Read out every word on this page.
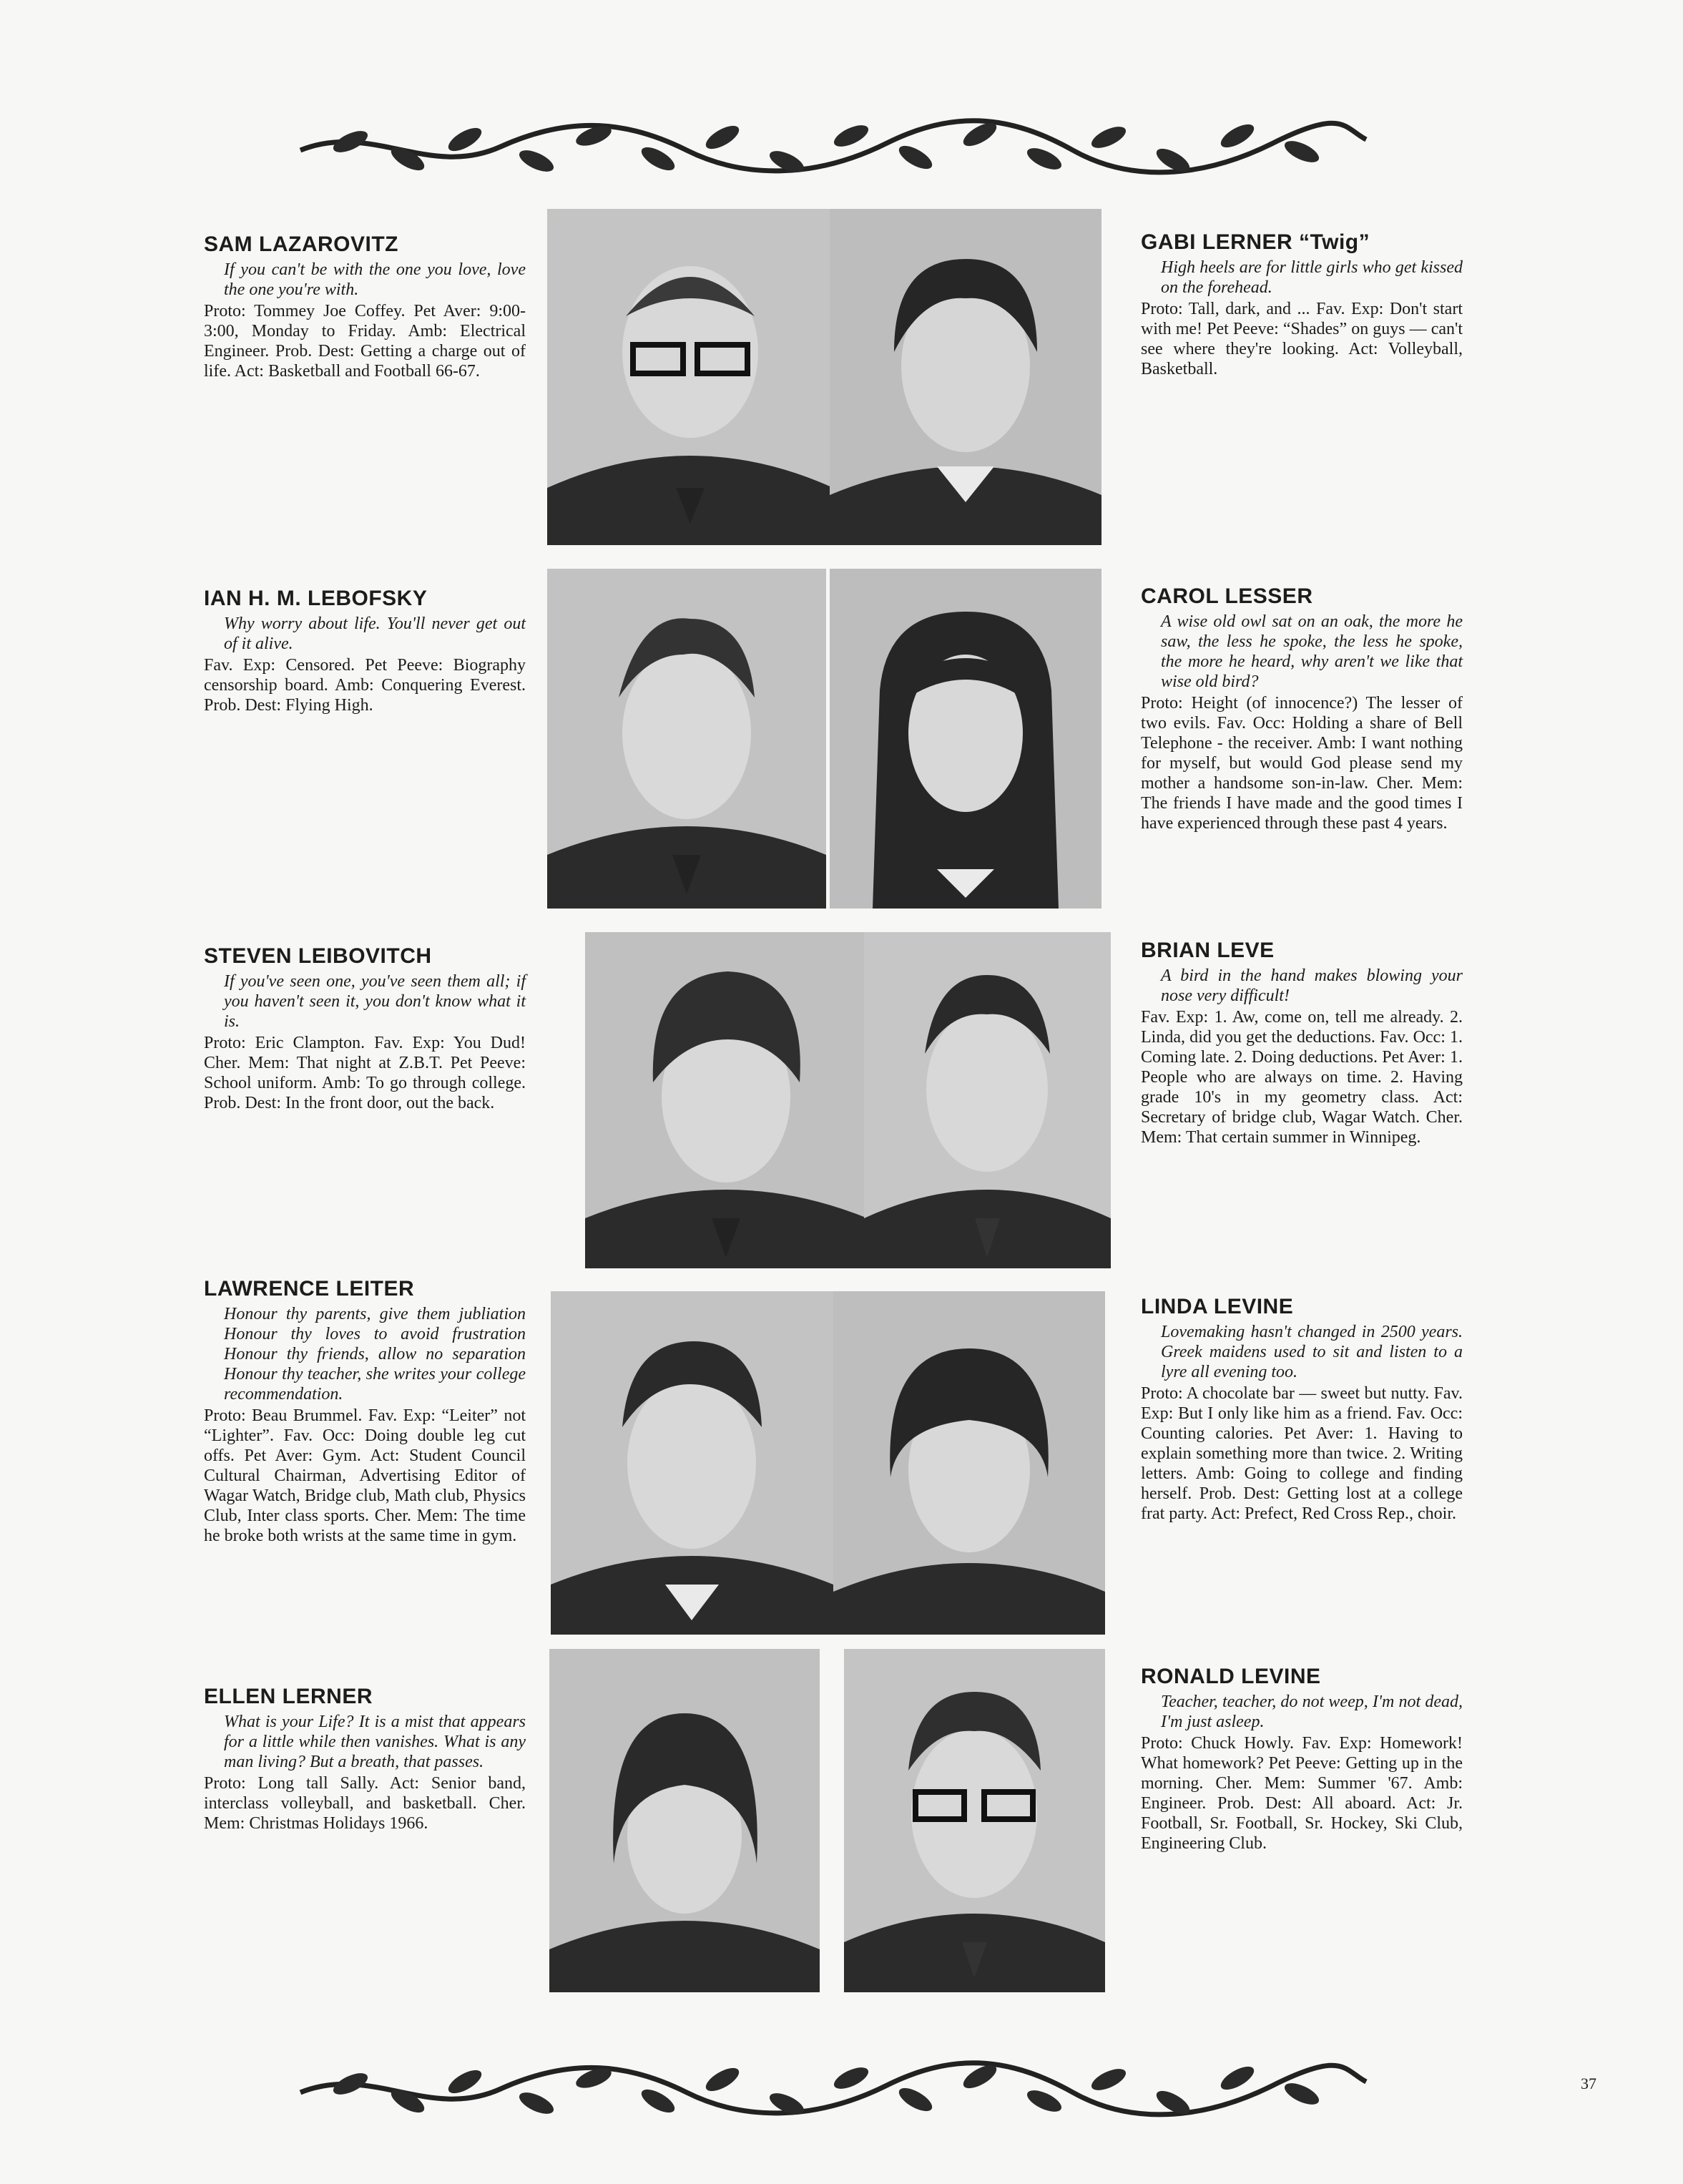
SAM LAZAROVITZ
If you can't be with the one you love, love the one you're with.
Proto: Tommey Joe Coffey. Pet Aver: 9:00-3:00, Monday to Friday. Amb: Electrical Engineer. Prob. Dest: Getting a charge out of life. Act: Basketball and Football 66-67.
GABI LERNER “Twig”
High heels are for little girls who get kissed on the forehead.
Proto: Tall, dark, and ... Fav. Exp: Don't start with me! Pet Peeve: “Shades” on guys — can't see where they're looking. Act: Volleyball, Basketball.
IAN H. M. LEBOFSKY
Why worry about life. You'll never get out of it alive.
Fav. Exp: Censored. Pet Peeve: Biography censorship board. Amb: Conquering Everest. Prob. Dest: Flying High.
CAROL LESSER
A wise old owl sat on an oak, the more he saw, the less he spoke, the less he spoke, the more he heard, why aren't we like that wise old bird?
Proto: Height (of innocence?) The lesser of two evils. Fav. Occ: Holding a share of Bell Telephone - the receiver. Amb: I want nothing for myself, but would God please send my mother a handsome son-in-law. Cher. Mem: The friends I have made and the good times I have experienced through these past 4 years.
STEVEN LEIBOVITCH
If you've seen one, you've seen them all; if you haven't seen it, you don't know what it is.
Proto: Eric Clampton. Fav. Exp: You Dud! Cher. Mem: That night at Z.B.T. Pet Peeve: School uniform. Amb: To go through college. Prob. Dest: In the front door, out the back.
BRIAN LEVE
A bird in the hand makes blowing your nose very difficult!
Fav. Exp: 1. Aw, come on, tell me already. 2. Linda, did you get the deductions. Fav. Occ: 1. Coming late. 2. Doing deductions. Pet Aver: 1. People who are always on time. 2. Having grade 10's in my geometry class. Act: Secretary of bridge club, Wagar Watch. Cher. Mem: That certain summer in Winnipeg.
LAWRENCE LEITER
Honour thy parents, give them jubliation Honour thy loves to avoid frustration Honour thy friends, allow no separation Honour thy teacher, she writes your college recommendation.
Proto: Beau Brummel. Fav. Exp: “Leiter” not “Lighter”. Fav. Occ: Doing double leg cut offs. Pet Aver: Gym. Act: Student Council Cultural Chairman, Advertising Editor of Wagar Watch, Bridge club, Math club, Physics Club, Inter class sports. Cher. Mem: The time he broke both wrists at the same time in gym.
LINDA LEVINE
Lovemaking hasn't changed in 2500 years. Greek maidens used to sit and listen to a lyre all evening too.
Proto: A chocolate bar — sweet but nutty. Fav. Exp: But I only like him as a friend. Fav. Occ: Counting calories. Pet Aver: 1. Having to explain something more than twice. 2. Writing letters. Amb: Going to college and finding herself. Prob. Dest: Getting lost at a college frat party. Act: Prefect, Red Cross Rep., choir.
ELLEN LERNER
What is your Life? It is a mist that appears for a little while then vanishes. What is any man living? But a breath, that passes.
Proto: Long tall Sally. Act: Senior band, interclass volleyball, and basketball. Cher. Mem: Christmas Holidays 1966.
RONALD LEVINE
Teacher, teacher, do not weep, I'm not dead, I'm just asleep.
Proto: Chuck Howly. Fav. Exp: Homework! What homework? Pet Peeve: Getting up in the morning. Cher. Mem: Summer '67. Amb: Engineer. Prob. Dest: All aboard. Act: Jr. Football, Sr. Football, Sr. Hockey, Ski Club, Engineering Club.
37
